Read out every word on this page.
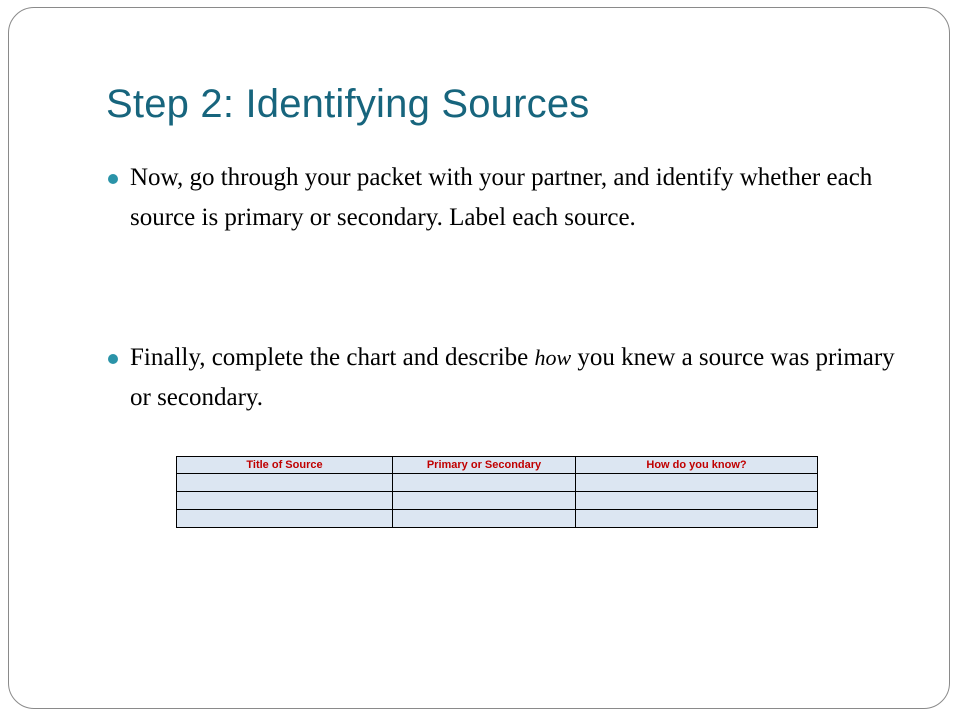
Step 2: Identifying Sources
Now, go through your packet with your partner, and identify whether each source is primary or secondary. Label each source.
Finally, complete the chart and describe how you knew a source was primary or secondary.
Title of Source	Primary or Secondary	How do you know?
